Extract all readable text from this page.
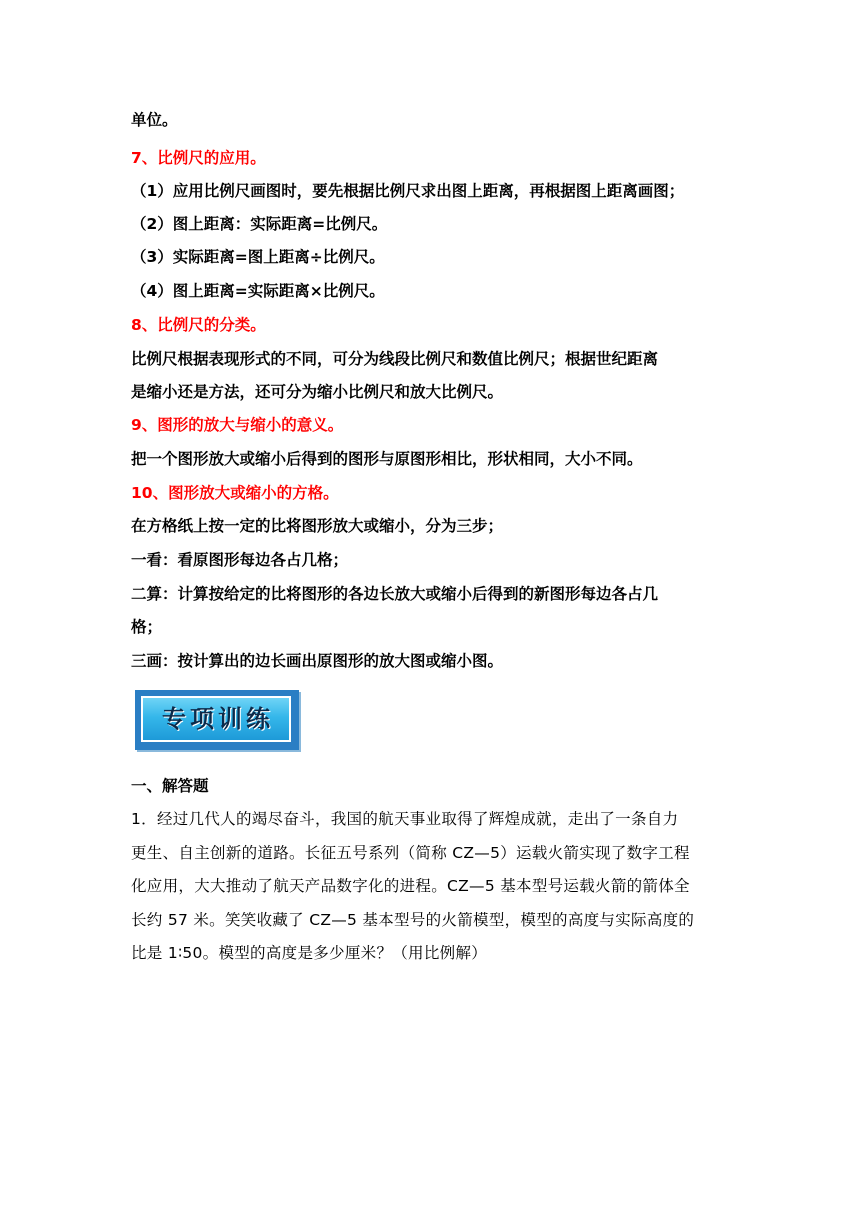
单位。
7、比例尺的应用。
（1）应用比例尺画图时，要先根据比例尺求出图上距离，再根据图上距离画图；
（2）图上距离：实际距离=比例尺。
（3）实际距离=图上距离÷比例尺。
（4）图上距离=实际距离×比例尺。
8、比例尺的分类。
比例尺根据表现形式的不同，可分为线段比例尺和数值比例尺；根据世纪距离
是缩小还是方法，还可分为缩小比例尺和放大比例尺。
9、图形的放大与缩小的意义。
把一个图形放大或缩小后得到的图形与原图形相比，形状相同，大小不同。
10、图形放大或缩小的方格。
在方格纸上按一定的比将图形放大或缩小，分为三步；
一看：看原图形每边各占几格；
二算：计算按给定的比将图形的各边长放大或缩小后得到的新图形每边各占几
格；
三画：按计算出的边长画出原图形的放大图或缩小图。
专项训练
一、解答题
1．经过几代人的竭尽奋斗，我国的航天事业取得了辉煌成就，走出了一条自力
更生、自主创新的道路。长征五号系列（简称 CZ—5）运载火箭实现了数字工程
化应用，大大推动了航天产品数字化的进程。CZ—5 基本型号运载火箭的箭体全
长约 57 米。笑笑收藏了 CZ—5 基本型号的火箭模型，模型的高度与实际高度的
比是 1∶50。模型的高度是多少厘米？（用比例解）
